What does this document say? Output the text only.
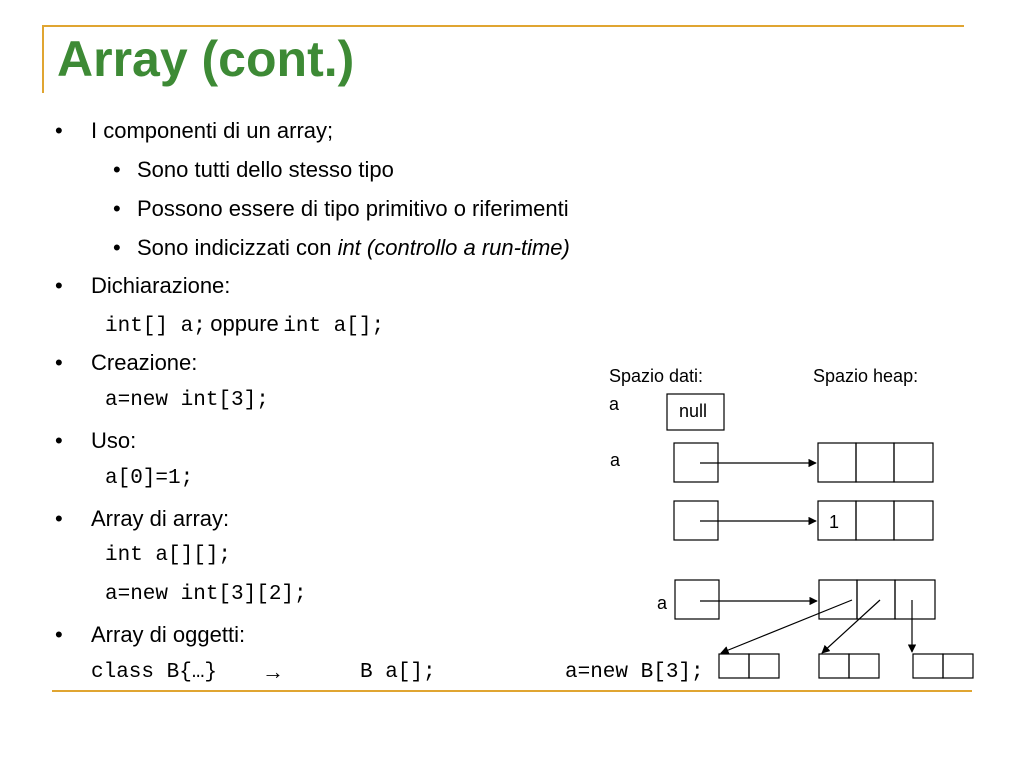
Array (cont.)
• I componenti di un array;
• Sono tutti dello stesso tipo
• Possono essere di tipo primitivo o riferimenti
• Sono indicizzati con int (controllo a run-time)
• Dichiarazione:
int[] a; oppure int a[];
• Creazione:
a=new int[3];
• Uso:
a[0]=1;
• Array di array:
int a[][];
a=new int[3][2];
• Array di oggetti:
class B{…} →	B a[];	a=new B[3];
Spazio dati:	Spazio heap:
a	null
a
1
a
